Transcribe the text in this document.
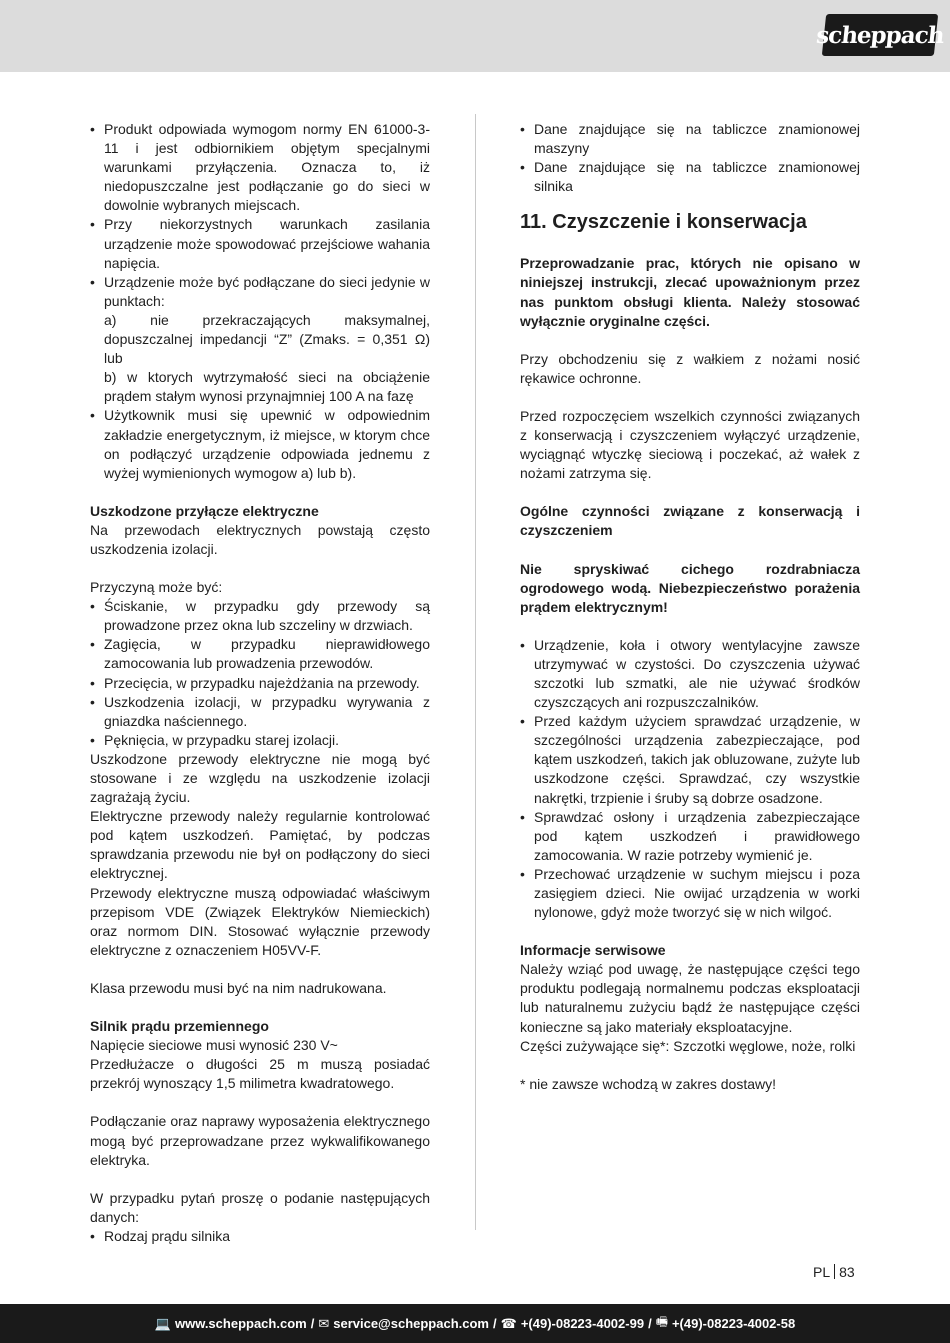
scheppach

• Produkt odpowiada wymogom normy EN 61000-3-11 i jest odbiornikiem objętym specjalnymi warunkami przyłączenia. Oznacza to, iż niedopuszczalne jest podłączanie go do sieci w dowolnie wybranych miejscach.

• Przy niekorzystnych warunkach zasilania urządzenie może spowodować przejściowe wahania napięcia.

• Urządzenie może być podłączane do sieci jedynie w punktach:

a) nie przekraczających maksymalnej, dopuszczalnej impedancji “Z” (Zmaks. = 0,351 Ω) lub

b) w ktorych wytrzymałość sieci na obciążenie prądem stałym wynosi przynajmniej 100 A na fazę

• Użytkownik musi się upewnić w odpowiednim zakładzie energetycznym, iż miejsce, w ktorym chce on podłączyć urządzenie odpowiada jednemu z wyżej wymienionych wymogow a) lub b).

Uszkodzone przyłącze elektryczne

Na przewodach elektrycznych powstają często uszkodzenia izolacji.

Przyczyną może być:

• Ściskanie, w przypadku gdy przewody są prowadzone przez okna lub szczeliny w drzwiach.

• Zagięcia, w przypadku nieprawidłowego zamocowania lub prowadzenia przewodów.

• Przecięcia, w przypadku najeżdżania na przewody.

• Uszkodzenia izolacji, w przypadku wyrywania z gniazdka naściennego.

• Pęknięcia, w przypadku starej izolacji.

Uszkodzone przewody elektryczne nie mogą być stosowane i ze względu na uszkodzenie izolacji zagrażają życiu.

Elektryczne przewody należy regularnie kontrolować pod kątem uszkodzeń. Pamiętać, by podczas sprawdzania przewodu nie był on podłączony do sieci elektrycznej.

Przewody elektryczne muszą odpowiadać właściwym przepisom VDE (Związek Elektryków Niemieckich) oraz normom DIN. Stosować wyłącznie przewody elektryczne z oznaczeniem H05VV-F.

Klasa przewodu musi być na nim nadrukowana.

Silnik prądu przemiennego

Napięcie sieciowe musi wynosić 230 V~

Przedłużacze o długości 25 m muszą posiadać przekrój wynoszący 1,5 milimetra kwadratowego.

Podłączanie oraz naprawy wyposażenia elektrycznego mogą być przeprowadzane przez wykwalifikowanego elektryka.

W przypadku pytań proszę o podanie następujących danych:

• Rodzaj prądu silnika

• Dane znajdujące się na tabliczce znamionowej maszyny

• Dane znajdujące się na tabliczce znamionowej silnika

11. Czyszczenie i konserwacja

Przeprowadzanie prac, których nie opisano w niniejszej instrukcji, zlecać upoważnionym przez nas punktom obsługi klienta. Należy stosować wyłącznie oryginalne części.

Przy obchodzeniu się z wałkiem z nożami nosić rękawice ochronne.

Przed rozpoczęciem wszelkich czynności związanych z konserwacją i czyszczeniem wyłączyć urządzenie, wyciągnąć wtyczkę sieciową i poczekać, aż wałek z nożami zatrzyma się.

Ogólne czynności związane z konserwacją i czyszczeniem

Nie spryskiwać cichego rozdrabniacza ogrodowego wodą. Niebezpieczeństwo porażenia prądem elektrycznym!

• Urządzenie, koła i otwory wentylacyjne zawsze utrzymywać w czystości. Do czyszczenia używać szczotki lub szmatki, ale nie używać środków czyszczących ani rozpuszczalników.

• Przed każdym użyciem sprawdzać urządzenie, w szczególności urządzenia zabezpieczające, pod kątem uszkodzeń, takich jak obluzowane, zużyte lub uszkodzone części. Sprawdzać, czy wszystkie nakrętki, trzpienie i śruby są dobrze osadzone.

• Sprawdzać osłony i urządzenia zabezpieczające pod kątem uszkodzeń i prawidłowego zamocowania. W razie potrzeby wymienić je.

• Przechować urządzenie w suchym miejscu i poza zasięgiem dzieci. Nie owijać urządzenia w worki nylonowe, gdyż może tworzyć się w nich wilgoć.

Informacje serwisowe

Należy wziąć pod uwagę, że następujące części tego produktu podlegają normalnemu podczas eksploatacji lub naturalnemu zużyciu bądź że następujące części konieczne są jako materiały eksploatacyjne.

Części zużywające się*: Szczotki węglowe, noże, rolki

* nie zawsze wchodzą w zakres dostawy!

PL 83
💻 www.scheppach.com / ✉ service@scheppach.com / ☎ +(49)-08223-4002-99 / 🖷 +(49)-08223-4002-58
